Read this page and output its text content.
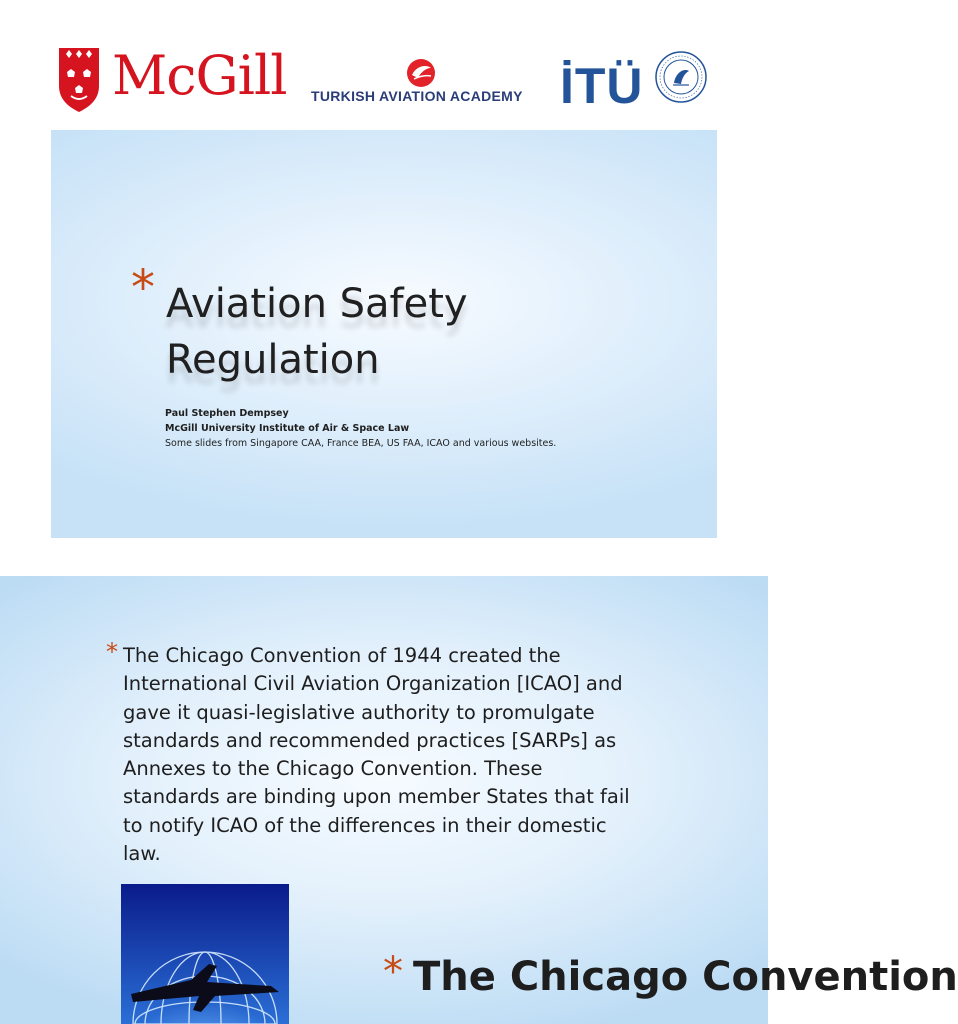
McGill TURKISH AVIATION ACADEMY İTÜ
* Aviation Safety Regulation
Paul Stephen Dempsey
McGill University Institute of Air & Space Law
Some slides from Singapore CAA, France BEA, US FAA, ICAO and various websites.
* The Chicago Convention of 1944 created the International Civil Aviation Organization [ICAO] and gave it quasi-legislative authority to promulgate standards and recommended practices [SARPs] as Annexes to the Chicago Convention. These standards are binding upon member States that fail to notify ICAO of the differences in their domestic law.

* The Chicago Convention
